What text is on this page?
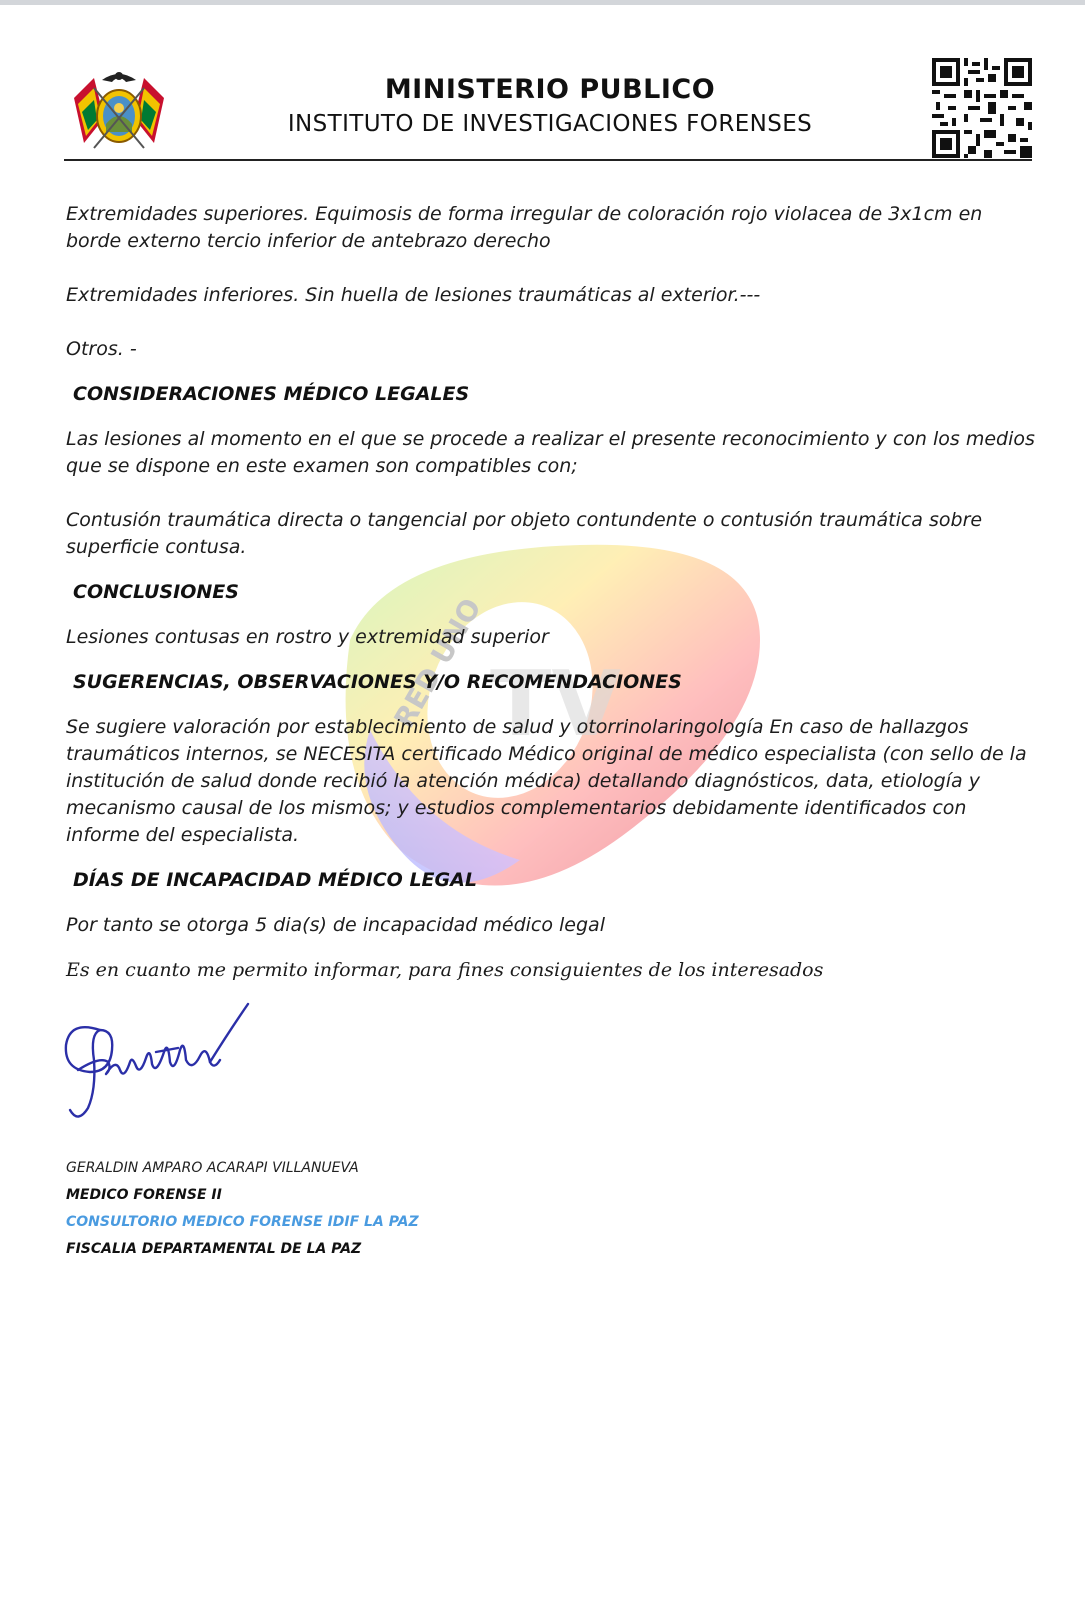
MINISTERIO PUBLICO
INSTITUTO DE INVESTIGACIONES FORENSES
RED UNO TV

Extremidades superiores. Equimosis de forma irregular de coloración rojo violacea de 3x1cm en borde externo tercio inferior de antebrazo derecho

Extremidades inferiores. Sin huella de lesiones traumáticas al exterior.---

Otros. -

CONSIDERACIONES MÉDICO LEGALES

Las lesiones al momento en el que se procede a realizar el presente reconocimiento y con los medios que se dispone en este examen son compatibles con;

Contusión traumática directa o tangencial por objeto contundente o contusión traumática sobre superficie contusa.

CONCLUSIONES

Lesiones contusas en rostro y extremidad superior

SUGERENCIAS, OBSERVACIONES Y/O RECOMENDACIONES

Se sugiere valoración por establecimiento de salud y otorrinolaringología En caso de hallazgos traumáticos internos, se NECESITA certificado Médico original de médico especialista (con sello de la institución de salud donde recibió la atención médica) detallando diagnósticos, data, etiología y mecanismo causal de los mismos; y estudios complementarios debidamente identificados con informe del especialista.

DÍAS DE INCAPACIDAD MÉDICO LEGAL

Por tanto se otorga 5 dia(s) de incapacidad médico legal

Es en cuanto me permito informar, para fines consiguientes de los interesados

GERALDIN AMPARO ACARAPI VILLANUEVA

MEDICO FORENSE II

CONSULTORIO MEDICO FORENSE IDIF LA PAZ

FISCALIA DEPARTAMENTAL DE LA PAZ
